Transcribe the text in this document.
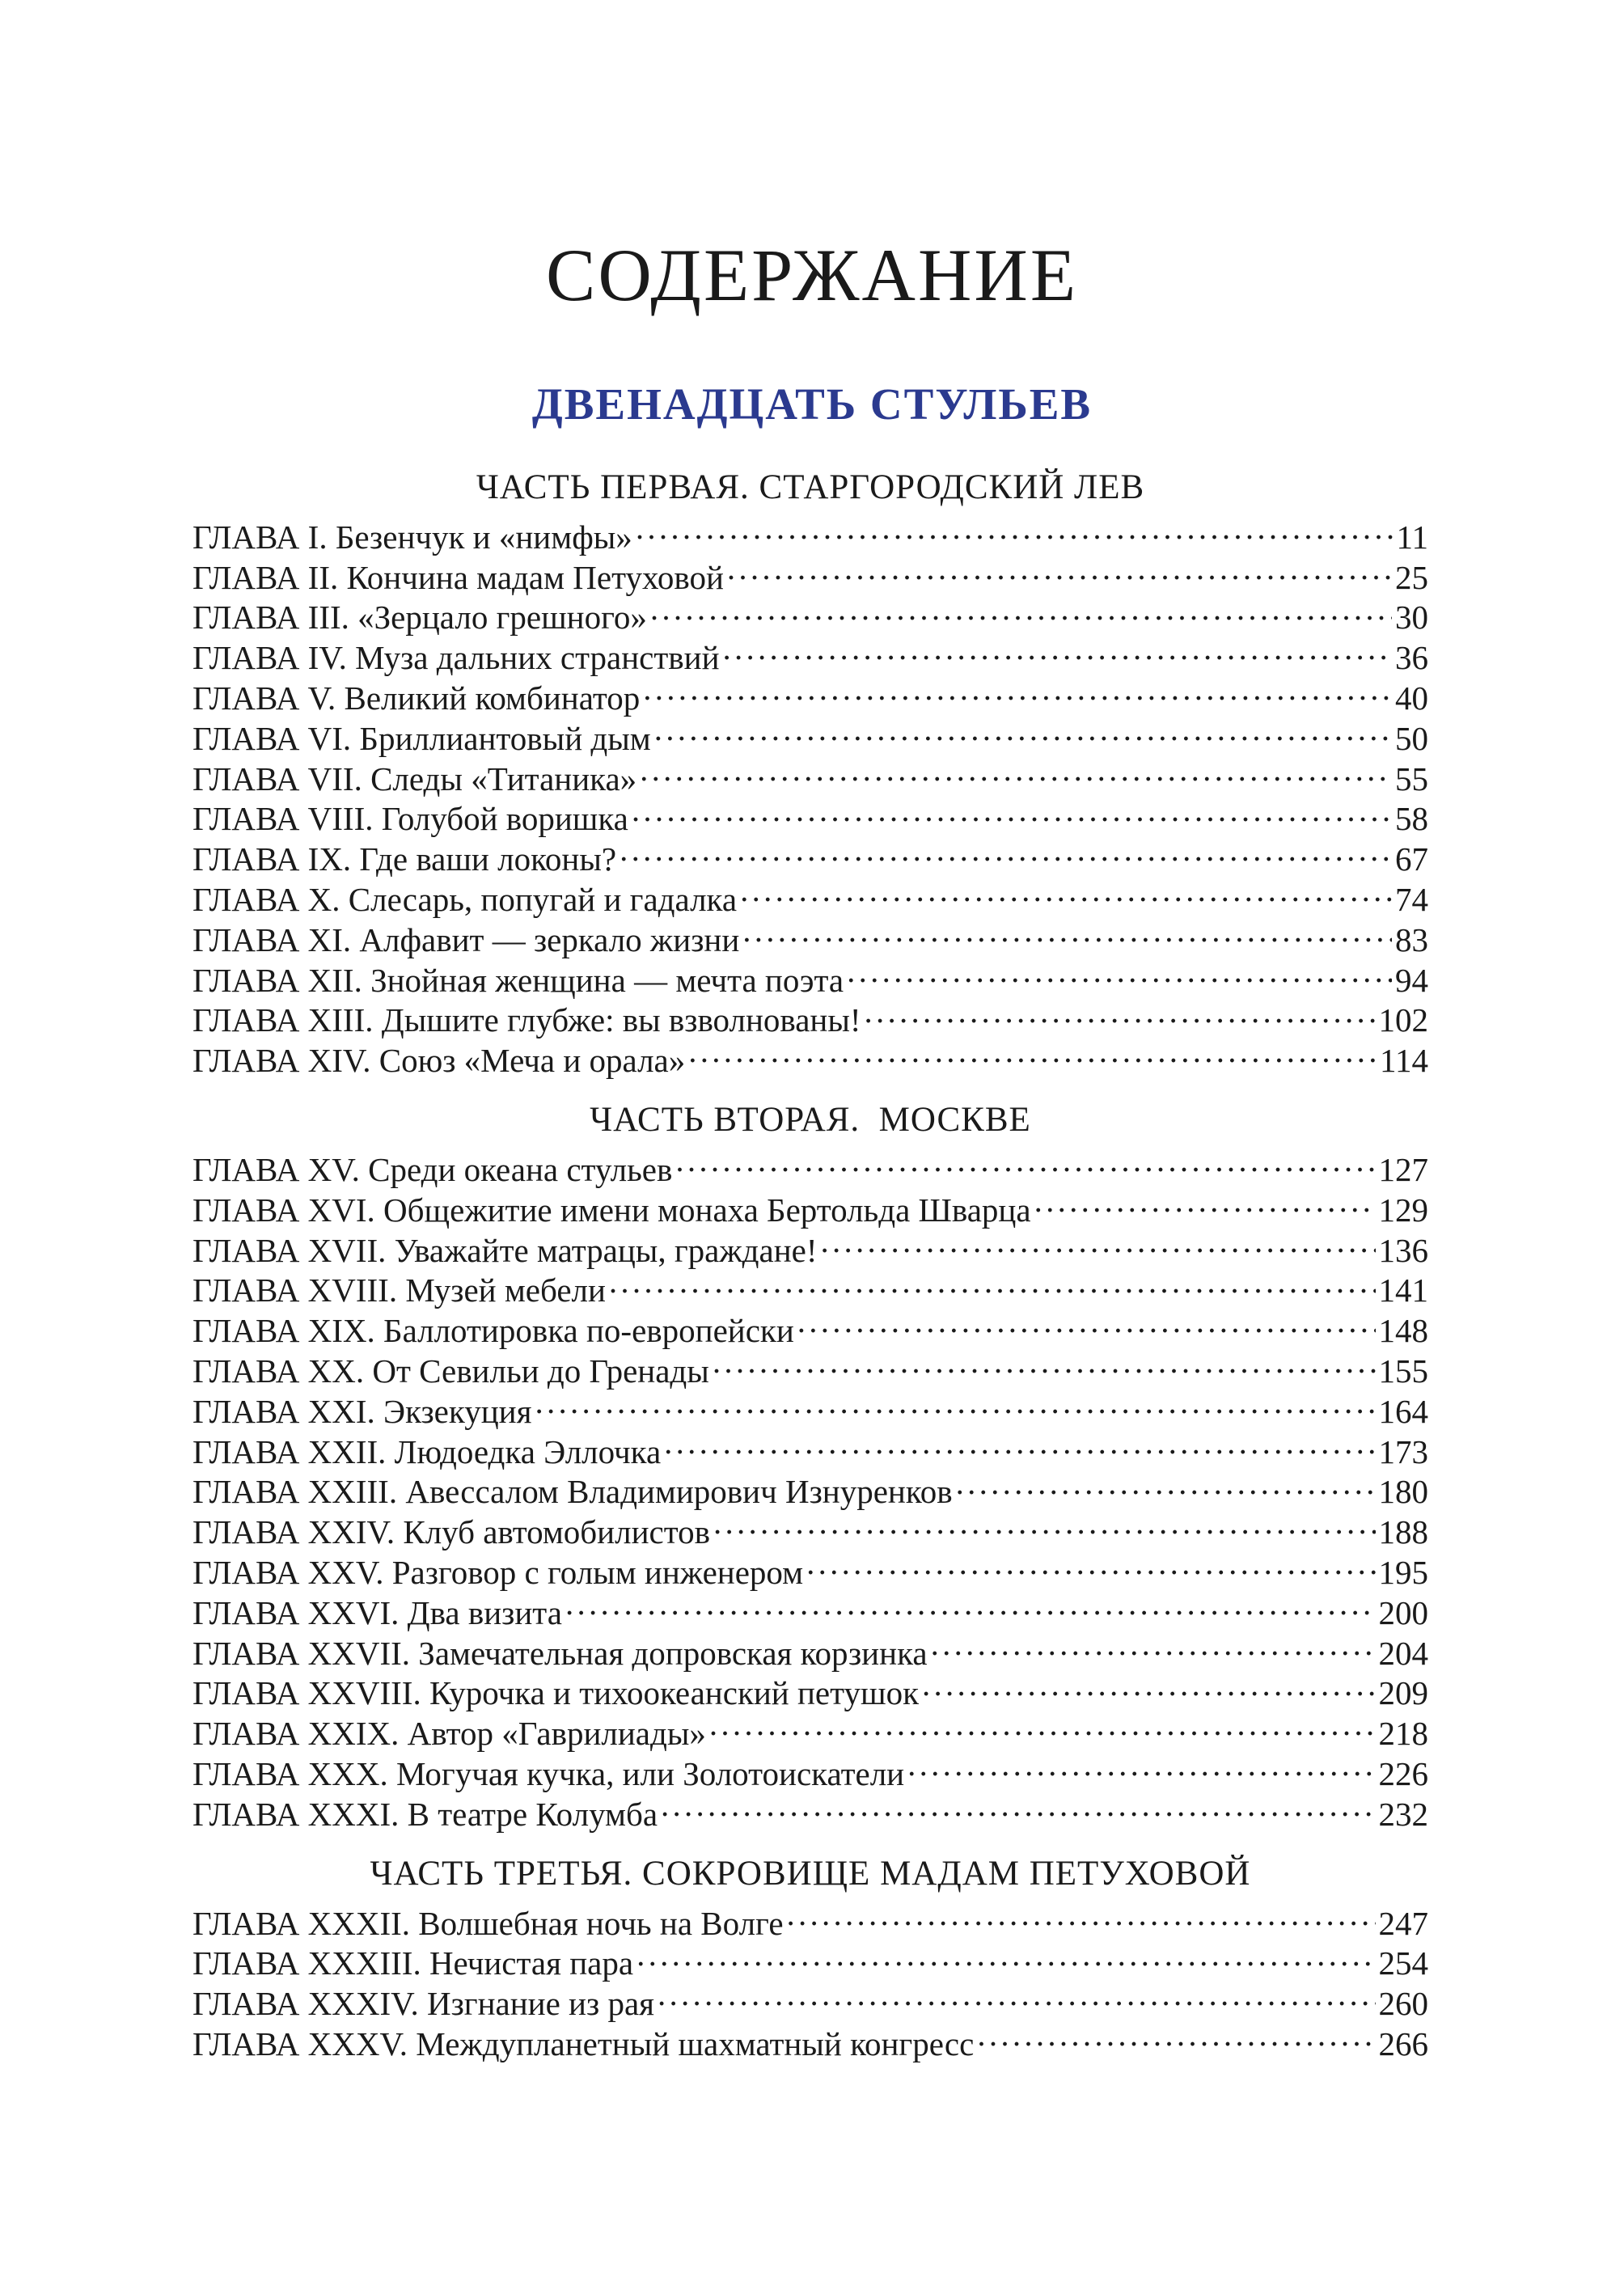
СОДЕРЖАНИЕ
ДВЕНАДЦАТЬ СТУЛЬЕВ
ЧАСТЬ ПЕРВАЯ. СТАРГОРОДСКИЙ ЛЕВ
ГЛАВА I. Безенчук и «нимфы» . . .	11
ГЛАВА II. Кончина мадам Петуховой . . .	25
ГЛАВА III. «Зерцало грешного» . . .	30
ГЛАВА IV. Муза дальних странствий . . .	36
ГЛАВА V. Великий комбинатор . . .	40
ГЛАВА VI. Бриллиантовый дым . . .	50
ГЛАВА VII. Следы «Титаника» . . .	55
ГЛАВА VIII. Голубой воришка . . .	58
ГЛАВА IX. Где ваши локоны? . . .	67
ГЛАВА X. Слесарь, попугай и гадалка . . .	74
ГЛАВА XI. Алфавит — зеркало жизни . . .	83
ГЛАВА XII. Знойная женщина — мечта поэта . . .	94
ГЛАВА XIII. Дышите глубже: вы взволнованы! . . .	102
ГЛАВА XIV. Союз «Меча и орала» . . .	114
ЧАСТЬ ВТОРАЯ.  МОСКВЕ
ГЛАВА XV. Среди океана стульев . . .	127
ГЛАВА XVI. Общежитие имени монаха Бертольда Шварца . . .	129
ГЛАВА XVII. Уважайте матрацы, граждане! . . .	136
ГЛАВА XVIII. Музей мебели . . .	141
ГЛАВА XIX. Баллотировка по-европейски . . .	148
ГЛАВА XX. От Севильи до Гренады . . .	155
ГЛАВА XXI. Экзекуция . . .	164
ГЛАВА XXII. Людоедка Эллочка . . .	173
ГЛАВА XXIII. Авессалом Владимирович Изнуренков . . .	180
ГЛАВА XXIV. Клуб автомобилистов . . .	188
ГЛАВА XXV. Разговор с голым инженером . . .	195
ГЛАВА XXVI. Два визита . . .	200
ГЛАВА XXVII. Замечательная допровская корзинка . . .	204
ГЛАВА XXVIII. Курочка и тихоокеанский петушок . . .	209
ГЛАВА XXIX. Автор «Гаврилиады» . . .	218
ГЛАВА XXX. Могучая кучка, или Золотоискатели . . .	226
ГЛАВА XXXI. В театре Колумба . . .	232
ЧАСТЬ ТРЕТЬЯ. СОКРОВИЩЕ МАДАМ ПЕТУХОВОЙ
ГЛАВА XXXII. Волшебная ночь на Волге . . .	247
ГЛАВА XXXIII. Нечистая пара . . .	254
ГЛАВА XXXIV. Изгнание из рая . . .	260
ГЛАВА XXXV. Междупланетный шахматный конгресс . . .	266
